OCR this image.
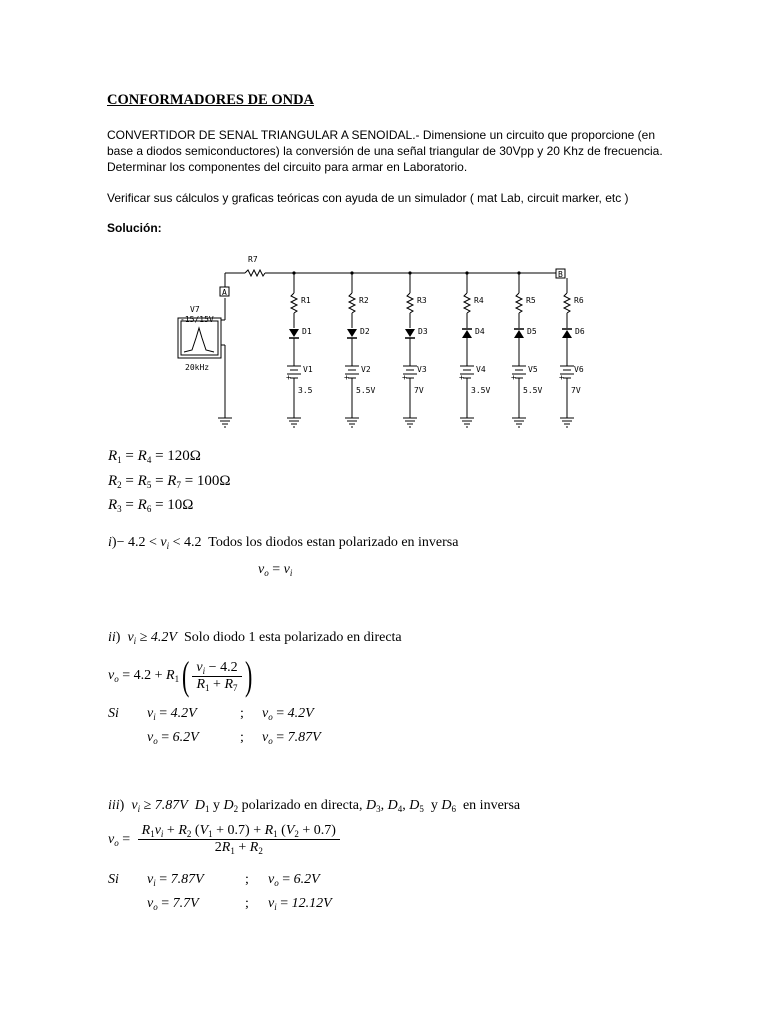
CONFORMADORES DE ONDA
CONVERTIDOR DE SENAL TRIANGULAR A SENOIDAL.- Dimensione un circuito que proporcione (en base a diodos semiconductores) la conversión de una señal triangular de 30Vpp y 20 Khz de frecuencia. Determinar los componentes del circuito para armar en Laboratorio.
Verificar sus cálculos y graficas teóricas con ayuda de un simulador ( mat Lab, circuit marker, etc )
Solución:
R1
D1
V1
+
3.5
R2
D2
V2
+
5.5V
R3
D3
V3
+
7V
R4
D4
V4
+
3.5V
R5
D5
V5
+
5.5V
R6
D6
V6
+
7V
A
B
R7
V7
-15/15V
20kHz
$R_1 = R_4 = 120\Omega$
$R_2 = R_5 = R_7 = 100\Omega$
$R_3 = R_6 = 10\Omega$
$i)- 4.2 < v_i < 4.2$ Todos los diodos estan polarizado en inversa
$v_o = v_i$
ii)  $v_i \ge 4.2V$ Solo diodo 1 esta polarizado en directa
$v_o = 4.2 + R_1( \frac{v_i - 4.2}{R_1 + R_7}$ )
Si $v_i = 4.2V$	; $v_o = 4.2V$
$v_o = 6.2V$	; $v_o = 7.87V$
iii)  $v_i \ge 7.87V$ $D_1$ y $D_2$ polarizado en directa, $D_3$, $D_4$, $D_5$ y $D_6$ en inversa
$v_o = \frac{R_1v_i + R_2 (V_1 + 0.7) + R_1 (V_2 + 0.7)}{2R_1 + R_2}$
Si $v_i = 7.87V$	; $v_o = 6.2V$
$v_o = 7.7V$	; $v_i = 12.12V$
